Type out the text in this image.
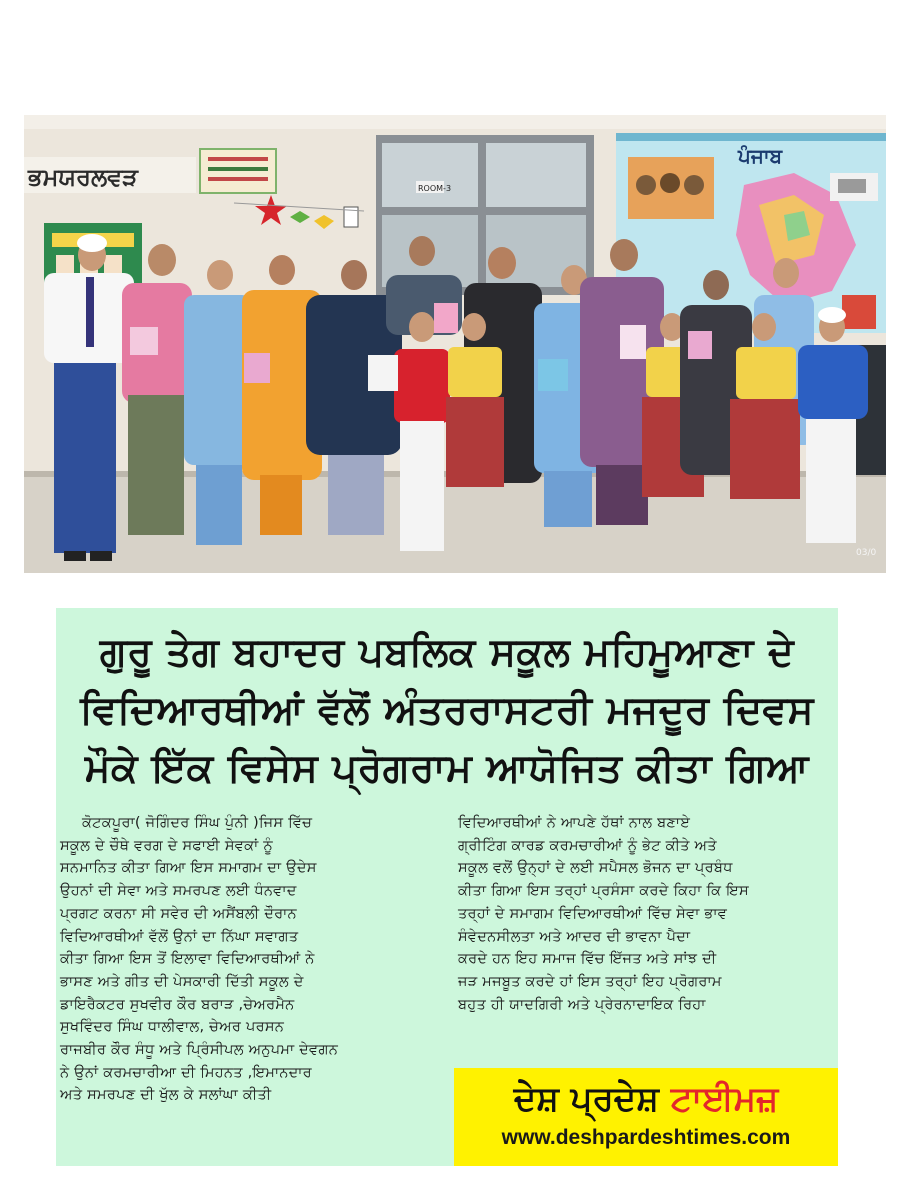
ਭਮਯਰਲਵੜ	ROOM-3
ਪੰਜਾਬ
03/0
ਗੁਰੂ ਤੇਗ ਬਹਾਦਰ ਪਬਲਿਕ ਸਕੂਲ ਮਹਿਮੂਆਣਾ ਦੇ
ਵਿਦਿਆਰਥੀਆਂ ਵੱਲੋਂ ਅੰਤਰਰਾਸਟਰੀ ਮਜਦੂਰ ਦਿਵਸ
ਮੌਕੇ ਇੱਕ ਵਿਸੇਸ ਪ੍ਰੋਗਰਾਮ ਆਯੋਜਿਤ ਕੀਤਾ ਗਿਆ
ਕੋਟਕਪੂਰਾ( ਜੋਗਿੰਦਰ ਸਿੰਘ ਪੁੰਨੀ )ਜਿਸ ਵਿੱਚ
ਸਕੂਲ ਦੇ ਚੌਥੇ ਵਰਗ ਦੇ ਸਫਾਈ ਸੇਵਕਾਂ ਨੂੰ
ਸਨਮਾਨਿਤ ਕੀਤਾ ਗਿਆ ਇਸ ਸਮਾਗਮ ਦਾ ਉਦੇਸ
ਉਹਨਾਂ ਦੀ ਸੇਵਾ ਅਤੇ ਸਮਰਪਣ ਲਈ ਧੰਨਵਾਦ
ਪ੍ਰਗਟ ਕਰਨਾ ਸੀ ਸਵੇਰ ਦੀ ਅਸੈਂਬਲੀ ਦੌਰਾਨ
ਵਿਦਿਆਰਥੀਆਂ ਵੱਲੋਂ ਉਨਾਂ ਦਾ ਨਿੱਘਾ ਸਵਾਗਤ
ਕੀਤਾ ਗਿਆ ਇਸ ਤੋਂ ਇਲਾਵਾ ਵਿਦਿਆਰਥੀਆਂ ਨੇ
ਭਾਸਣ ਅਤੇ ਗੀਤ ਦੀ ਪੇਸਕਾਰੀ ਦਿੱਤੀ ਸਕੂਲ ਦੇ
ਡਾਇਰੈਕਟਰ ਸੁਖਵੀਰ ਕੌਰ ਬਰਾੜ ,ਚੇਅਰਮੈਨ
ਸੁਖਵਿੰਦਰ ਸਿੰਘ ਧਾਲੀਵਾਲ, ਚੇਅਰ ਪਰਸਨ
ਰਾਜਬੀਰ ਕੌਰ ਸੰਧੂ ਅਤੇ ਪ੍ਰਿੰਸੀਪਲ ਅਨੁਪਮਾ ਦੇਵਗਨ
ਨੇ ਉਨਾਂ ਕਰਮਚਾਰੀਆ ਦੀ ਮਿਹਨਤ ,ਇਮਾਨਦਾਰ
ਅਤੇ ਸਮਰਪਣ ਦੀ ਖੁੱਲ ਕੇ ਸਲਾਂਘਾ ਕੀਤੀ
ਵਿਦਿਆਰਥੀਆਂ ਨੇ ਆਪਣੇ ਹੱਥਾਂ ਨਾਲ ਬਣਾਏ
ਗ੍ਰੀਟਿੰਗ ਕਾਰਡ ਕਰਮਚਾਰੀਆਂ ਨੂੰ ਭੇਟ ਕੀਤੇ ਅਤੇ
ਸਕੂਲ ਵਲੋਂ ਉਨ੍ਹਾਂ ਦੇ ਲਈ ਸਪੈਸਲ ਭੋਜਨ ਦਾ ਪ੍ਰਬੰਧ
ਕੀਤਾ ਗਿਆ ਇਸ ਤਰ੍ਹਾਂ ਪ੍ਰਸੰਸਾ ਕਰਦੇ ਕਿਹਾ ਕਿ ਇਸ
ਤਰ੍ਹਾਂ ਦੇ ਸਮਾਗਮ ਵਿਦਿਆਰਥੀਆਂ ਵਿੱਚ ਸੇਵਾ ਭਾਵ
ਸੰਵੇਦਨਸੀਲਤਾ ਅਤੇ ਆਦਰ ਦੀ ਭਾਵਨਾ ਪੈਦਾ
ਕਰਦੇ ਹਨ ਇਹ ਸਮਾਜ ਵਿੱਚ ਇੱਜਤ ਅਤੇ ਸਾਂਝ ਦੀ
ਜੜ ਮਜਬੂਤ ਕਰਦੇ ਹਾਂ ਇਸ ਤਰ੍ਹਾਂ ਇਹ ਪ੍ਰੋਗਰਾਮ
ਬਹੁਤ ਹੀ ਯਾਦਗਿਰੀ ਅਤੇ ਪ੍ਰੇਰਨਾਦਾਇਕ ਰਿਹਾ
ਦੇਸ਼ ਪ੍ਰਦੇਸ਼ ਟਾਈਮਜ਼
www.deshpardeshtimes.com
